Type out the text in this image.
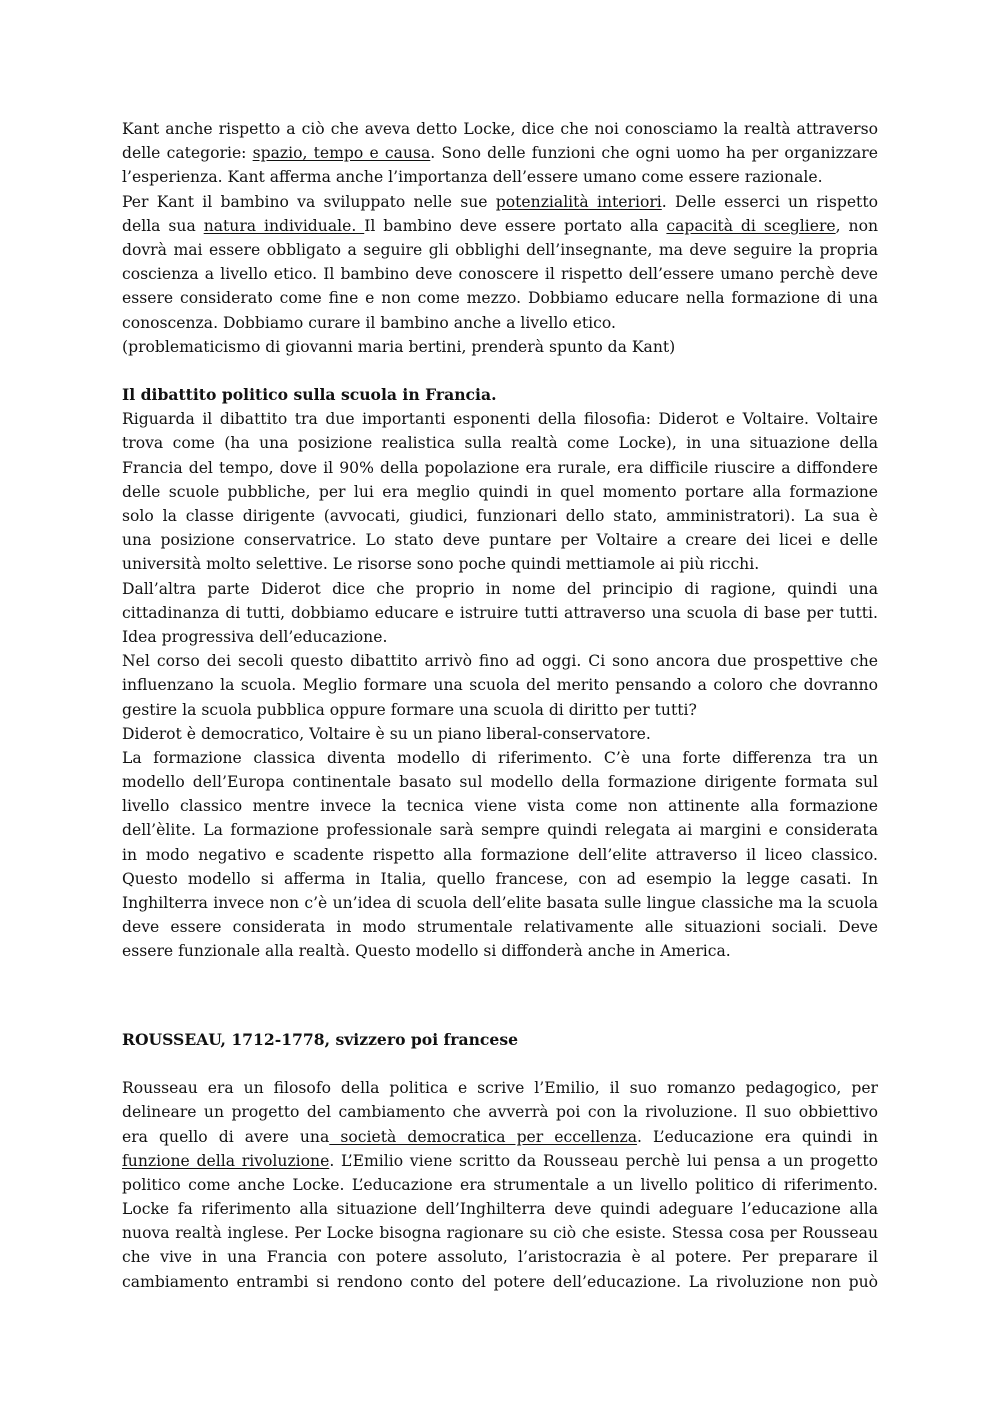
Kant anche rispetto a ciò che aveva detto Locke, dice che noi conosciamo la realtà attraverso
delle categorie: spazio, tempo e causa. Sono delle funzioni che ogni uomo ha per organizzare
l’esperienza. Kant afferma anche l’importanza dell’essere umano come essere razionale.
Per Kant il bambino va sviluppato nelle sue potenzialità interiori. Delle esserci un rispetto
della sua natura individuale. Il bambino deve essere portato alla capacità di scegliere, non
dovrà mai essere obbligato a seguire gli obblighi dell’insegnante, ma deve seguire la propria
coscienza a livello etico. Il bambino deve conoscere il rispetto dell’essere umano perchè deve
essere considerato come fine e non come mezzo. Dobbiamo educare nella formazione di una
conoscenza. Dobbiamo curare il bambino anche a livello etico.
(problematicismo di giovanni maria bertini, prenderà spunto da Kant)
Il dibattito politico sulla scuola in Francia.
Riguarda il dibattito tra due importanti esponenti della filosofia: Diderot e Voltaire. Voltaire
trova come (ha una posizione realistica sulla realtà come Locke), in una situazione della
Francia del tempo, dove il 90% della popolazione era rurale, era difficile riuscire a diffondere
delle scuole pubbliche, per lui era meglio quindi in quel momento portare alla formazione
solo la classe dirigente (avvocati, giudici, funzionari dello stato, amministratori). La sua è
una posizione conservatrice. Lo stato deve puntare per Voltaire a creare dei licei e delle
università molto selettive. Le risorse sono poche quindi mettiamole ai più ricchi.
Dall’altra parte Diderot dice che proprio in nome del principio di ragione, quindi una
cittadinanza di tutti, dobbiamo educare e istruire tutti attraverso una scuola di base per tutti.
Idea progressiva dell’educazione.
Nel corso dei secoli questo dibattito arrivò fino ad oggi. Ci sono ancora due prospettive che
influenzano la scuola. Meglio formare una scuola del merito pensando a coloro che dovranno
gestire la scuola pubblica oppure formare una scuola di diritto per tutti?
Diderot è democratico, Voltaire è su un piano liberal-conservatore.
La formazione classica diventa modello di riferimento. C’è una forte differenza tra un
modello dell’Europa continentale basato sul modello della formazione dirigente formata sul
livello classico mentre invece la tecnica viene vista come non attinente alla formazione
dell’èlite. La formazione professionale sarà sempre quindi relegata ai margini e considerata
in modo negativo e scadente rispetto alla formazione dell’elite attraverso il liceo classico.
Questo modello si afferma in Italia, quello francese, con ad esempio la legge casati. In
Inghilterra invece non c’è un’idea di scuola dell’elite basata sulle lingue classiche ma la scuola
deve essere considerata in modo strumentale relativamente alle situazioni sociali. Deve
essere funzionale alla realtà. Questo modello si diffonderà anche in America.
ROUSSEAU, 1712-1778, svizzero poi francese
Rousseau era un filosofo della politica e scrive l’Emilio, il suo romanzo pedagogico, per
delineare un progetto del cambiamento che avverrà poi con la rivoluzione. Il suo obbiettivo
era quello di avere una società democratica per eccellenza. L’educazione era quindi in
funzione della rivoluzione. L’Emilio viene scritto da Rousseau perchè lui pensa a un progetto
politico come anche Locke. L’educazione era strumentale a un livello politico di riferimento.
Locke fa riferimento alla situazione dell’Inghilterra deve quindi adeguare l’educazione alla
nuova realtà inglese. Per Locke bisogna ragionare su ciò che esiste. Stessa cosa per Rousseau
che vive in una Francia con potere assoluto, l’aristocrazia è al potere. Per preparare il
cambiamento entrambi si rendono conto del potere dell’educazione. La rivoluzione non può
